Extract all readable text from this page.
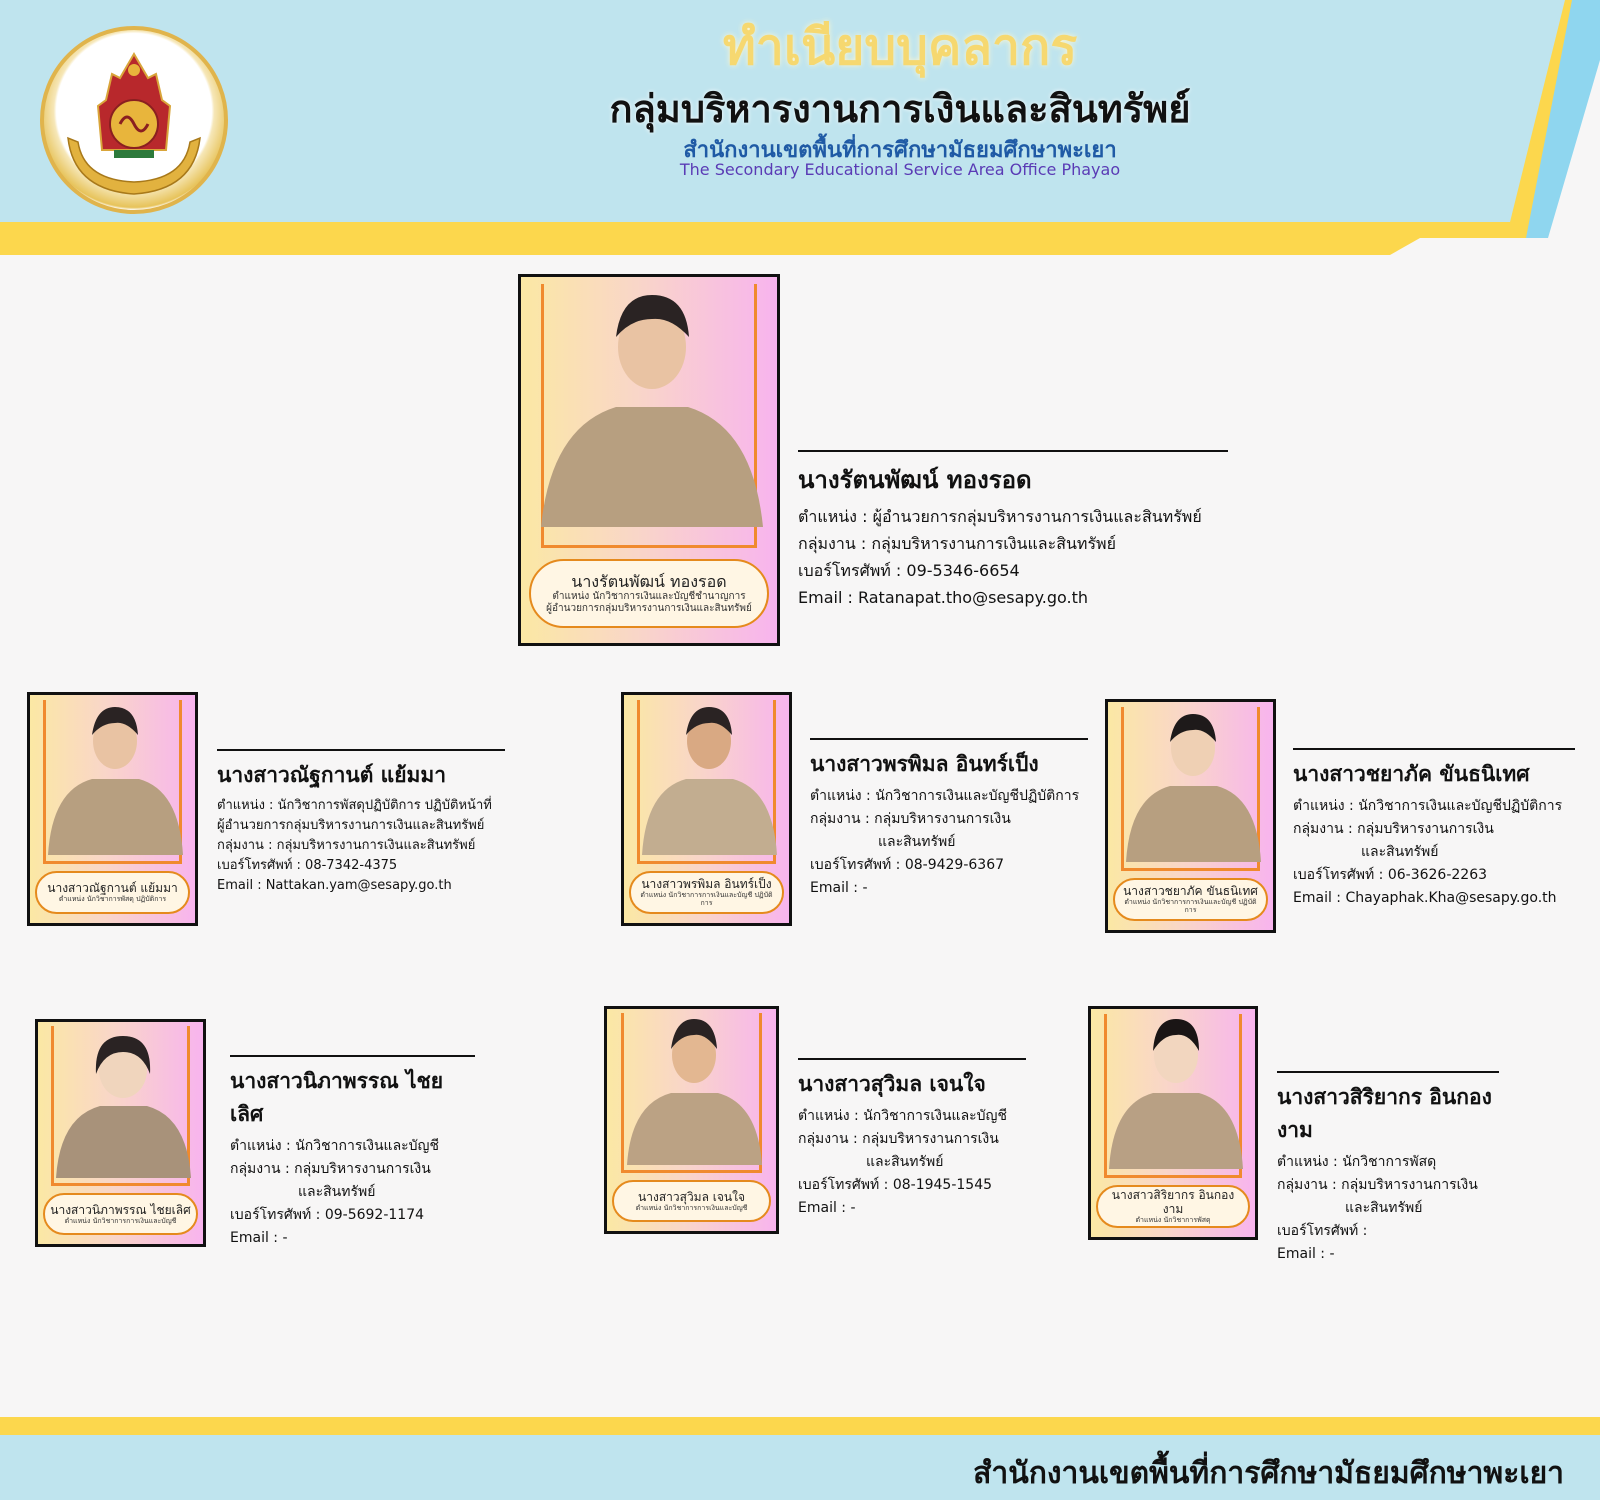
ทำเนียบบุคลากร
กลุ่มบริหารงานการเงินและสินทรัพย์
สำนักงานเขตพื้นที่การศึกษามัธยมศึกษาพะเยา
The Secondary Educational Service Area Office Phayao
นางรัตนพัฒน์ ทองรอด
ตำแหน่ง นักวิชาการเงินและบัญชีชำนาญการ
ผู้อำนวยการกลุ่มบริหารงานการเงินและสินทรัพย์
นางรัตนพัฒน์ ทองรอด
ตำแหน่ง : ผู้อำนวยการกลุ่มบริหารงานการเงินและสินทรัพย์
กลุ่มงาน : กลุ่มบริหารงานการเงินและสินทรัพย์
เบอร์โทรศัพท์ : 09-5346-6654
Email : Ratanapat.tho@sesapy.go.th
นางสาวณัฐกานต์ แย้มมา
ตำแหน่ง นักวิชาการพัสดุ ปฏิบัติการ
นางสาวณัฐกานต์ แย้มมา
ตำแหน่ง : นักวิชาการพัสดุปฏิบัติการ ปฏิบัติหน้าที่
ผู้อำนวยการกลุ่มบริหารงานการเงินและสินทรัพย์
กลุ่มงาน : กลุ่มบริหารงานการเงินและสินทรัพย์
เบอร์โทรศัพท์ : 08-7342-4375
Email : Nattakan.yam@sesapy.go.th	นางสาวพรพิมล อินทร์เป็ง
ตำแหน่ง นักวิชาการการเงินและบัญชี ปฏิบัติการ
นางสาวพรพิมล อินทร์เป็ง
ตำแหน่ง : นักวิชาการเงินและบัญชีปฏิบัติการ
กลุ่มงาน : กลุ่มบริหารงานการเงิน
และสินทรัพย์
เบอร์โทรศัพท์ : 08-9429-6367
Email : -	นางสาวชยาภัค ขันธนิเทศ
ตำแหน่ง นักวิชาการการเงินและบัญชี ปฏิบัติการ
นางสาวชยาภัค ขันธนิเทศ
ตำแหน่ง : นักวิชาการเงินและบัญชีปฏิบัติการ
กลุ่มงาน : กลุ่มบริหารงานการเงิน
และสินทรัพย์
เบอร์โทรศัพท์ : 06-3626-2263
Email : Chayaphak.Kha@sesapy.go.th
นางสาวนิภาพรรณ ไชยเลิศ
ตำแหน่ง นักวิชาการการเงินและบัญชี
นางสาวนิภาพรรณ ไชยเลิศ
ตำแหน่ง : นักวิชาการเงินและบัญชี
กลุ่มงาน : กลุ่มบริหารงานการเงิน
และสินทรัพย์
เบอร์โทรศัพท์ : 09-5692-1174
Email : -
นางสาวสุวิมล เจนใจ
ตำแหน่ง นักวิชาการการเงินและบัญชี
นางสาวสุวิมล เจนใจ
ตำแหน่ง : นักวิชาการเงินและบัญชี
กลุ่มงาน : กลุ่มบริหารงานการเงิน
และสินทรัพย์
เบอร์โทรศัพท์ : 08-1945-1545
Email : -
นางสาวสิริยากร อินกองงาม
ตำแหน่ง นักวิชาการพัสดุ
นางสาวสิริยากร อินกองงาม
ตำแหน่ง : นักวิชาการพัสดุ
กลุ่มงาน : กลุ่มบริหารงานการเงิน
และสินทรัพย์
เบอร์โทรศัพท์ :
Email : -
สำนักงานเขตพื้นที่การศึกษามัธยมศึกษาพะเยา
